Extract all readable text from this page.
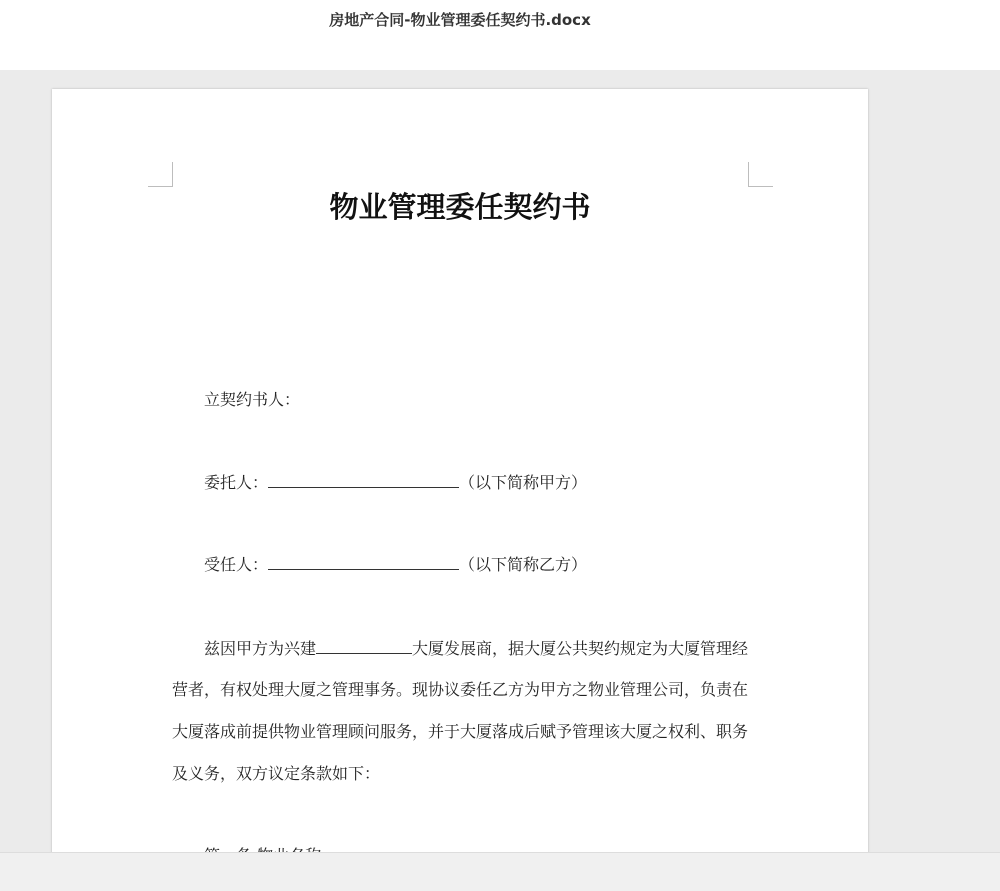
房地产合同-物业管理委任契约书.docx
物业管理委任契约书
立契约书人：
委托人：	（以下简称甲方）
受任人：	（以下简称乙方）
兹因甲方为兴建	大厦发展商，据大厦公共契约规定为大厦管理经
营者，有权处理大厦之管理事务。现协议委任乙方为甲方之物业管理公司，负责在
大厦落成前提供物业管理顾问服务，并于大厦落成后赋予管理该大厦之权利、职务
及义务，双方议定条款如下：
